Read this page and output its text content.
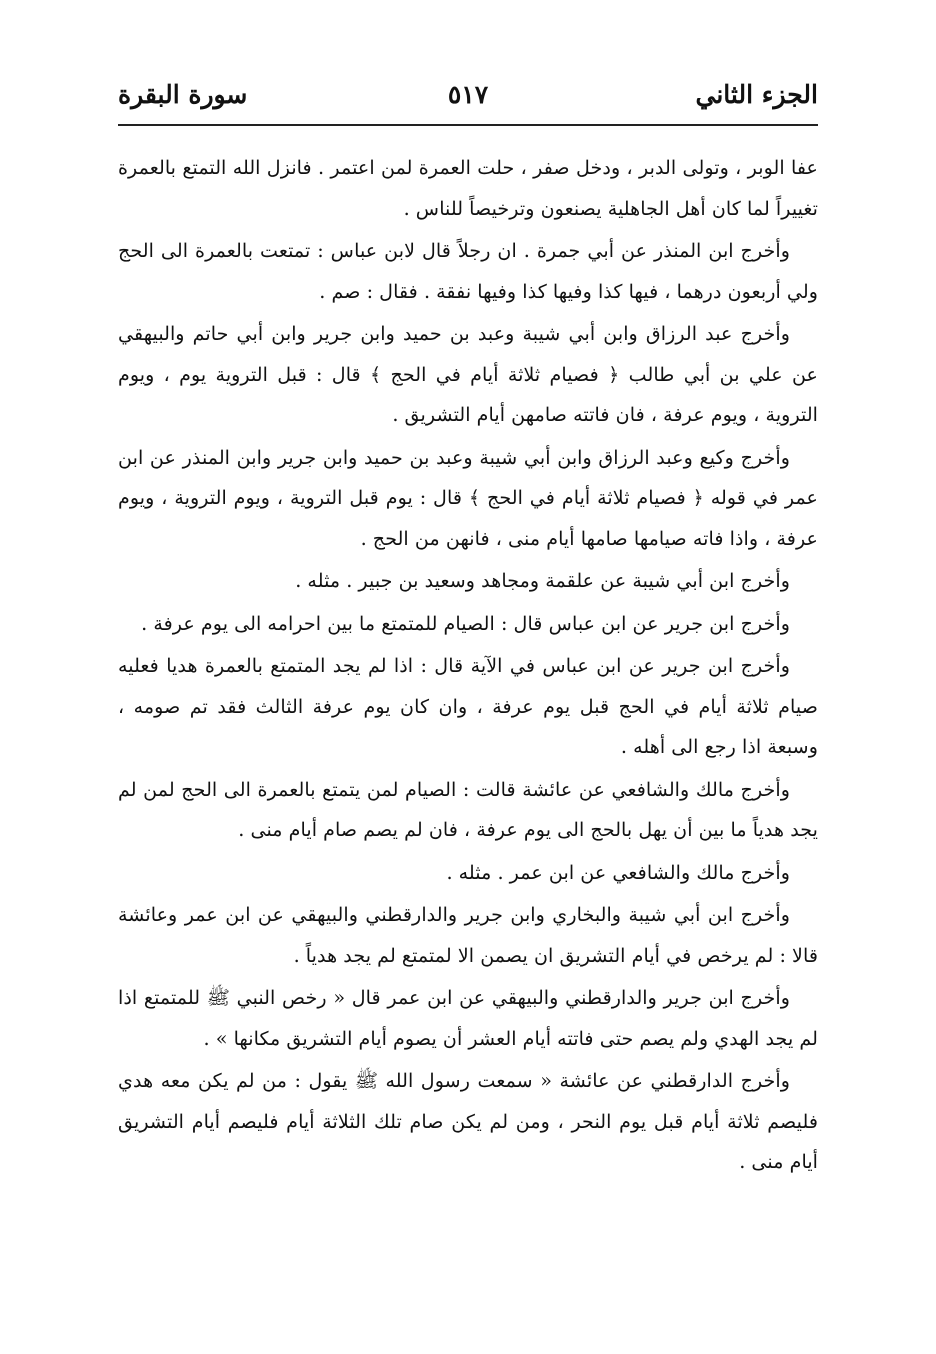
الجزء الثاني
٥١٧
سورة البقرة

عفا الوبر ، وتولى الدبر ، ودخل صفر ، حلت العمرة لمن اعتمر . فانزل الله التمتع بالعمرة تغييراً لما كان أهل الجاهلية يصنعون وترخيصاً للناس .

وأخرج ابن المنذر عن أبي جمرة . ان رجلاً قال لابن عباس : تمتعت بالعمرة الى الحج ولي أربعون درهما ، فيها كذا وفيها كذا وفيها نفقة . فقال : صم .

وأخرج عبد الرزاق وابن أبي شيبة وعبد بن حميد وابن جرير وابن أبي حاتم والبيهقي عن علي بن أبي طالب ﴿ فصيام ثلاثة أيام في الحج ﴾ قال : قبل التروية يوم ، ويوم التروية ، ويوم عرفة ، فان فاتته صامهن أيام التشريق .

وأخرج وكيع وعبد الرزاق وابن أبي شيبة وعبد بن حميد وابن جرير وابن المنذر عن ابن عمر في قوله ﴿ فصيام ثلاثة أيام في الحج ﴾ قال : يوم قبل التروية ، ويوم التروية ، ويوم عرفة ، واذا فاته صيامها صامها أيام منى ، فانهن من الحج .

وأخرج ابن أبي شيبة عن علقمة ومجاهد وسعيد بن جبير . مثله .

وأخرج ابن جرير عن ابن عباس قال : الصيام للمتمتع ما بين احرامه الى يوم عرفة .

وأخرج ابن جرير عن ابن عباس في الآية قال : اذا لم يجد المتمتع بالعمرة هديا فعليه صيام ثلاثة أيام في الحج قبل يوم عرفة ، وان كان يوم عرفة الثالث فقد تم صومه ، وسبعة اذا رجع الى أهله .

وأخرج مالك والشافعي عن عائشة قالت : الصيام لمن يتمتع بالعمرة الى الحج لمن لم يجد هدياً ما بين أن يهل بالحج الى يوم عرفة ، فان لم يصم صام أيام منى .

وأخرج مالك والشافعي عن ابن عمر . مثله .

وأخرج ابن أبي شيبة والبخاري وابن جرير والدارقطني والبيهقي عن ابن عمر وعائشة قالا : لم يرخص في أيام التشريق ان يصمن الا لمتمتع لم يجد هدياً .

وأخرج ابن جرير والدارقطني والبيهقي عن ابن عمر قال « رخص النبي ﷺ للمتمتع اذا لم يجد الهدي ولم يصم حتى فاتته أيام العشر أن يصوم أيام التشريق مكانها » .

وأخرج الدارقطني عن عائشة « سمعت رسول الله ﷺ يقول : من لم يكن معه هدي فليصم ثلاثة أيام قبل يوم النحر ، ومن لم يكن صام تلك الثلاثة أيام فليصم أيام التشريق أيام منى .
